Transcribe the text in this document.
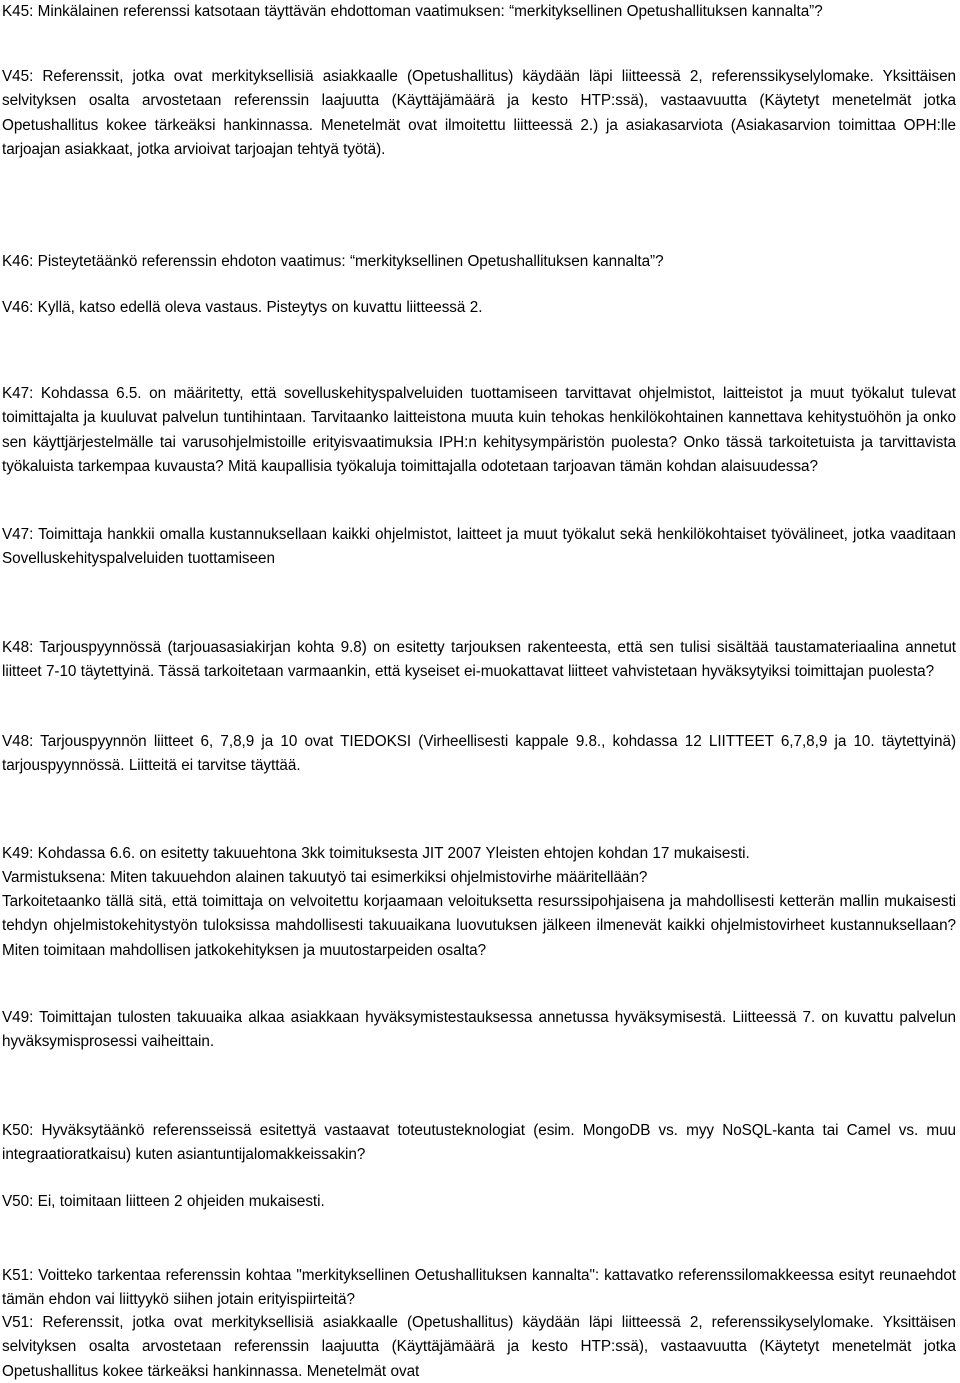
K45: Minkälainen referenssi katsotaan täyttävän ehdottoman vaatimuksen: “merkityksellinen Opetushallituksen kannalta”?

V45: Referenssit, jotka ovat merkityksellisiä asiakkaalle (Opetushallitus) käydään läpi liitteessä 2, referenssikyselylomake. Yksittäisen selvityksen osalta arvostetaan referenssin laajuutta (Käyttäjämäärä ja kesto HTP:ssä), vastaavuutta (Käytetyt menetelmät jotka Opetushallitus kokee tärkeäksi hankinnassa. Menetelmät ovat ilmoitettu liitteessä 2.) ja asiakasarviota (Asiakasarvion toimittaa OPH:lle tarjoajan asiakkaat, jotka arvioivat tarjoajan tehtyä työtä).

K46: Pisteytetäänkö referenssin ehdoton vaatimus: “merkityksellinen Opetushallituksen kannalta”?

V46: Kyllä, katso edellä oleva vastaus. Pisteytys on kuvattu liitteessä 2.

K47: Kohdassa 6.5. on määritetty, että sovelluskehityspalveluiden tuottamiseen tarvittavat ohjelmistot, laitteistot ja muut työkalut tulevat toimittajalta ja kuuluvat palvelun tuntihintaan. Tarvitaanko laitteistona muuta kuin tehokas henkilökohtainen kannettava kehitystuöhön ja onko sen käyttjärjestelmälle tai varusohjelmistoille erityisvaatimuksia IPH:n kehitysympäristön puolesta? Onko tässä tarkoitetuista ja tarvittavista työkaluista tarkempaa kuvausta? Mitä kaupallisia työkaluja toimittajalla odotetaan tarjoavan tämän kohdan alaisuudessa?

V47: Toimittaja hankkii omalla kustannuksellaan kaikki ohjelmistot, laitteet ja muut työkalut sekä henkilökohtaiset työvälineet, jotka vaaditaan Sovelluskehityspalveluiden tuottamiseen

K48: Tarjouspyynnössä (tarjouasasiakirjan kohta 9.8) on esitetty tarjouksen rakenteesta, että sen tulisi sisältää taustamateriaalina annetut liitteet 7-10 täytettyinä. Tässä tarkoitetaan varmaankin, että kyseiset ei-muokattavat liitteet vahvistetaan hyväksytyiksi toimittajan puolesta?

V48: Tarjouspyynnön liitteet 6, 7,8,9 ja 10 ovat TIEDOKSI (Virheellisesti kappale 9.8., kohdassa 12 LIITTEET 6,7,8,9 ja 10. täytettyinä) tarjouspyynnössä. Liitteitä ei tarvitse täyttää.

K49: Kohdassa 6.6. on esitetty takuuehtona 3kk toimituksesta JIT 2007 Yleisten ehtojen kohdan 17 mukaisesti.

Varmistuksena: Miten takuuehdon alainen takuutyö tai esimerkiksi ohjelmistovirhe määritellään?

Tarkoitetaanko tällä sitä, että toimittaja on velvoitettu korjaamaan veloituksetta resurssipohjaisena ja mahdollisesti ketterän mallin mukaisesti tehdyn ohjelmistokehitystyön tuloksissa mahdollisesti takuuaikana luovutuksen jälkeen ilmenevät kaikki ohjelmistovirheet kustannuksellaan? Miten toimitaan mahdollisen jatkokehityksen ja muutostarpeiden osalta?

V49: Toimittajan tulosten takuuaika alkaa asiakkaan hyväksymistestauksessa annetussa hyväksymisestä. Liitteessä 7. on kuvattu palvelun hyväksymisprosessi vaiheittain.

K50: Hyväksytäänkö referensseissä esitettyä vastaavat toteutusteknologiat (esim. MongoDB vs. myy NoSQL-kanta tai Camel vs. muu integraatioratkaisu) kuten asiantuntijalomakkeissakin?

V50: Ei, toimitaan liitteen 2 ohjeiden mukaisesti.

K51: Voitteko tarkentaa referenssin kohtaa "merkityksellinen Oetushallituksen kannalta": kattavatko referenssilomakkeessa esityt reunaehdot tämän ehdon vai liittyykö siihen jotain erityispiirteitä?

V51: Referenssit, jotka ovat merkityksellisiä asiakkaalle (Opetushallitus) käydään läpi liitteessä 2, referenssikyselylomake. Yksittäisen selvityksen osalta arvostetaan referenssin laajuutta (Käyttäjämäärä ja kesto HTP:ssä), vastaavuutta (Käytetyt menetelmät jotka Opetushallitus kokee tärkeäksi hankinnassa. Menetelmät ovat
